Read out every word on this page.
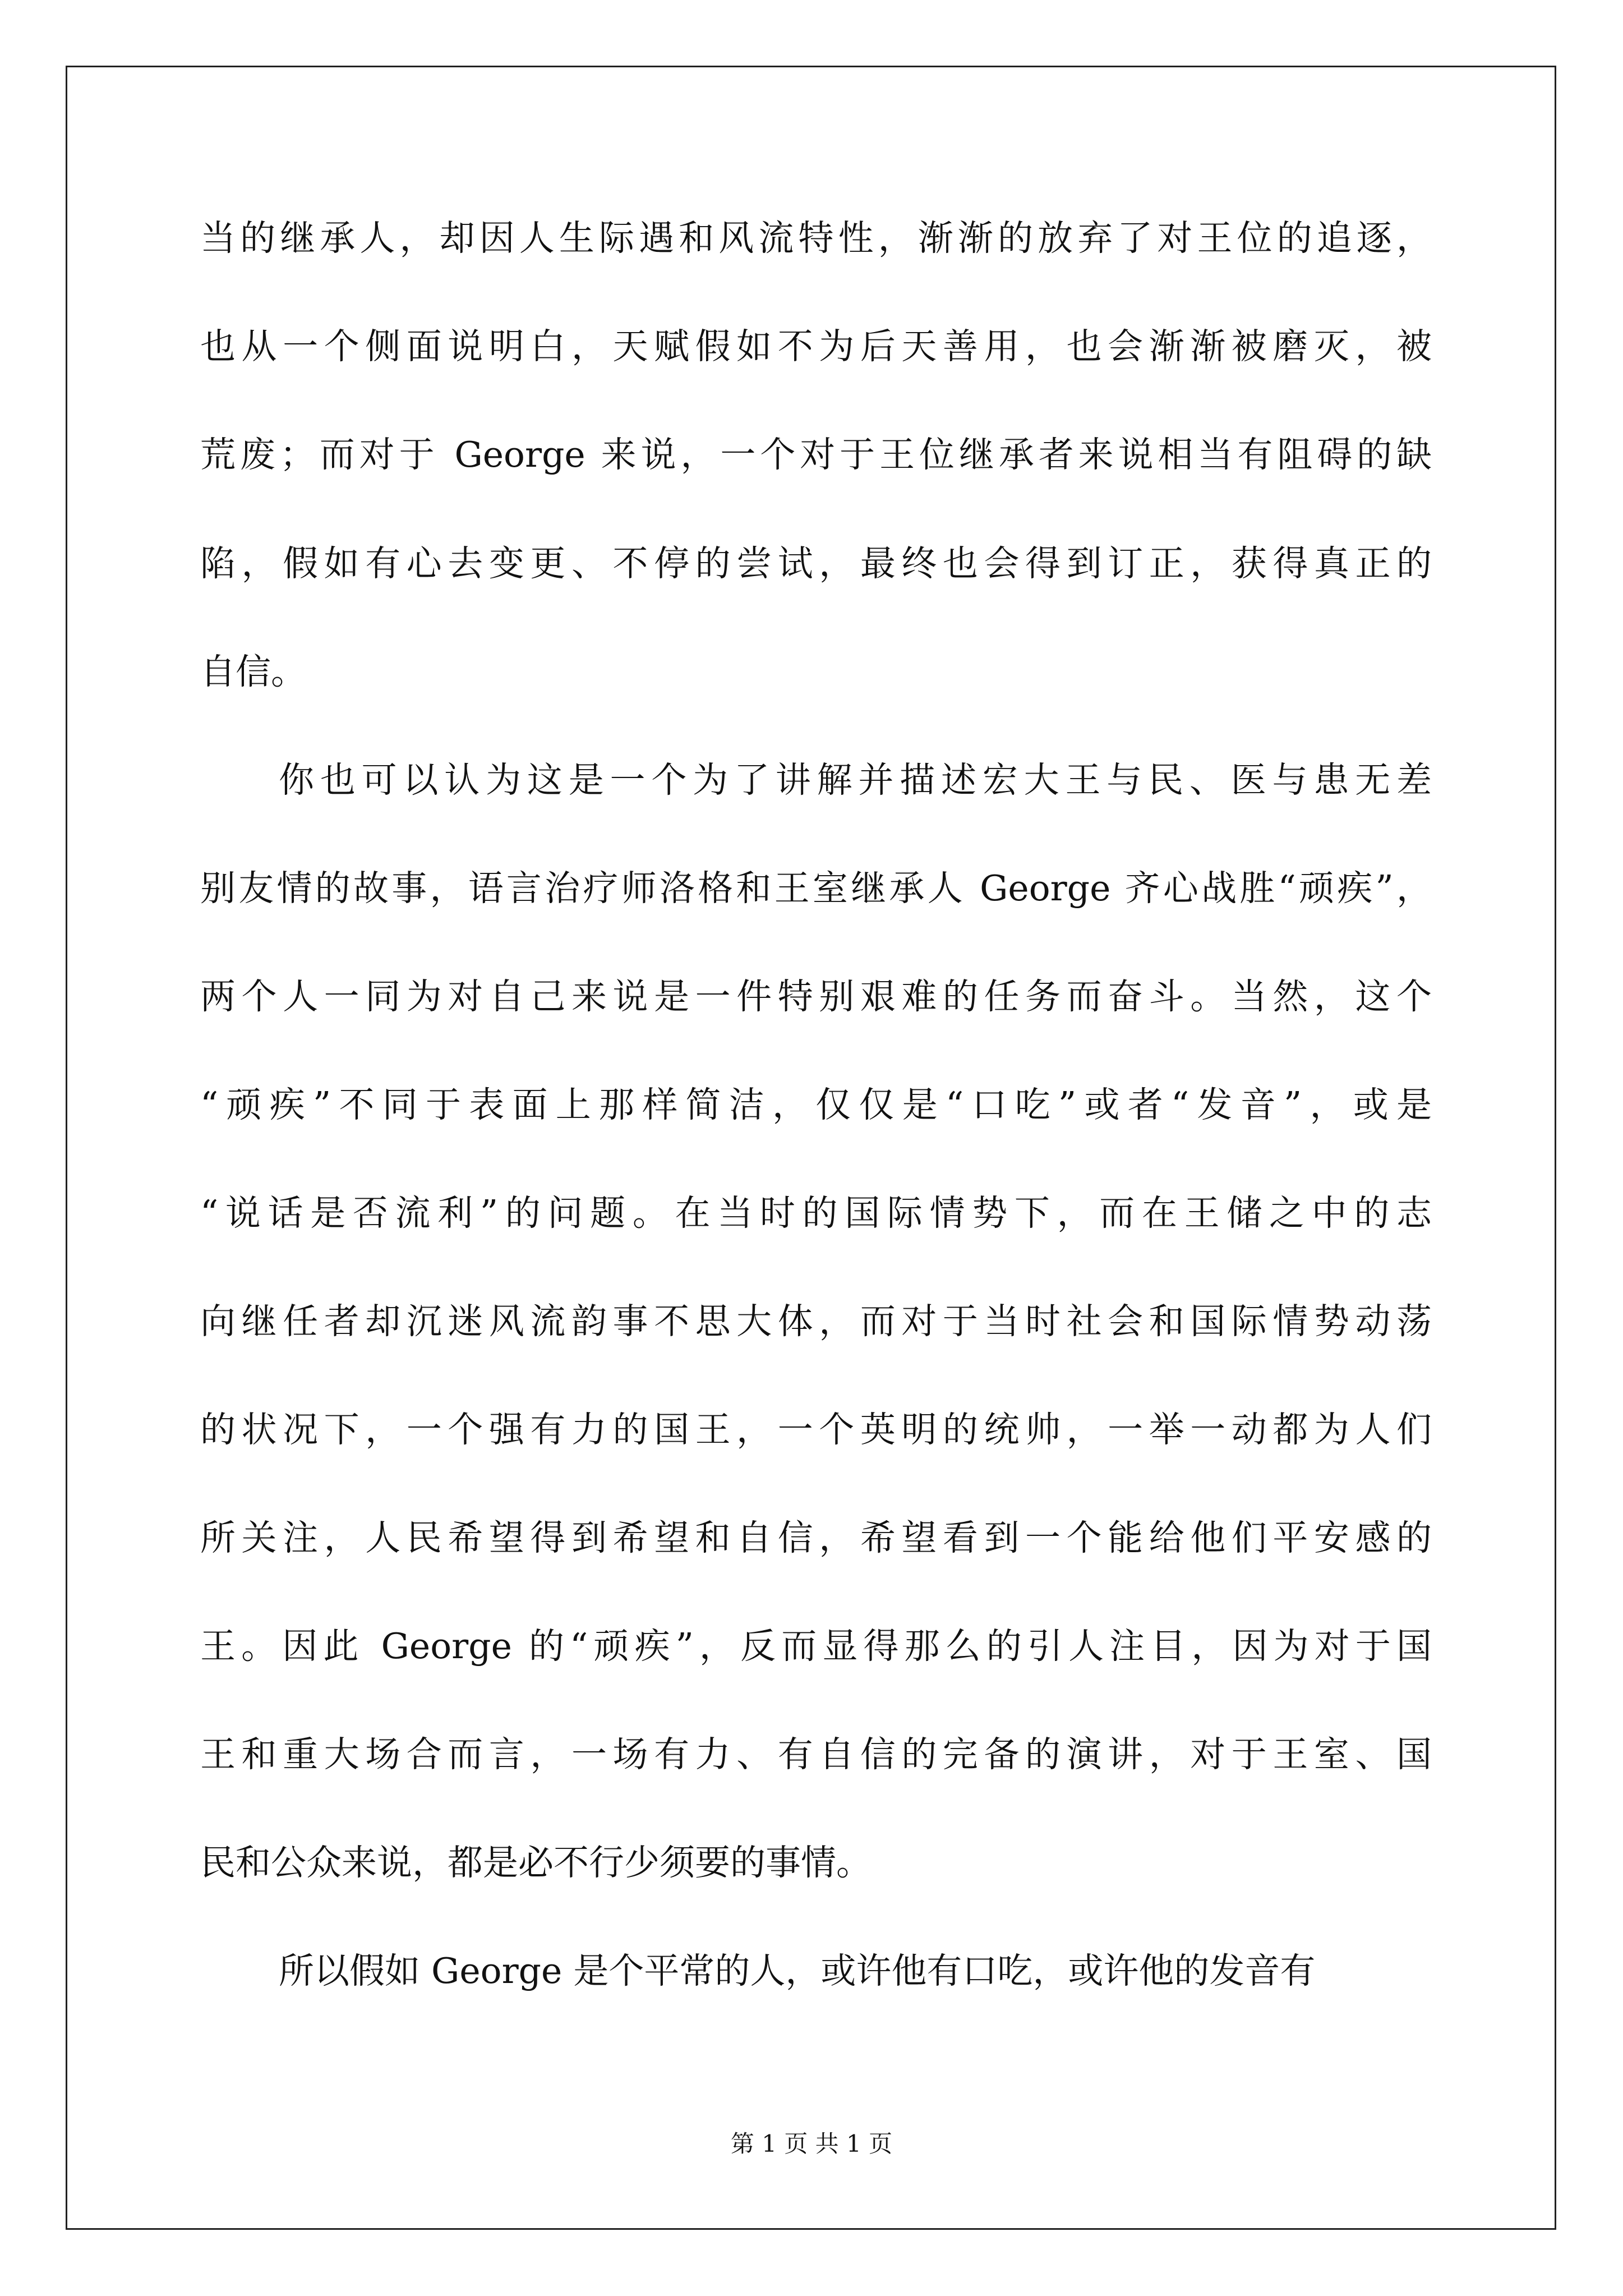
当的继承人，却因人生际遇和风流特性，渐渐的放弃了对王位的追逐，
也从一个侧面说明白，天赋假如不为后天善用，也会渐渐被磨灭，被
荒废；而对于 George 来说，一个对于王位继承者来说相当有阻碍的缺
陷，假如有心去变更、不停的尝试，最终也会得到订正，获得真正的
自信。
你也可以认为这是一个为了讲解并描述宏大王与民、医与患无差
别友情的故事，语言治疗师洛格和王室继承人 George 齐心战胜“顽疾”，
两个人一同为对自己来说是一件特别艰难的任务而奋斗。当然，这个
“顽疾”不同于表面上那样简洁，仅仅是“口吃”或者“发音”，或是
“说话是否流利”的问题。在当时的国际情势下，而在王储之中的志
向继任者却沉迷风流韵事不思大体，而对于当时社会和国际情势动荡
的状况下，一个强有力的国王，一个英明的统帅，一举一动都为人们
所关注，人民希望得到希望和自信，希望看到一个能给他们平安感的
王。因此 George 的“顽疾”，反而显得那么的引人注目，因为对于国
王和重大场合而言，一场有力、有自信的完备的演讲，对于王室、国
民和公众来说，都是必不行少须要的事情。
所以假如 George 是个平常的人，或许他有口吃，或许他的发音有
第 1 页 共 1 页
